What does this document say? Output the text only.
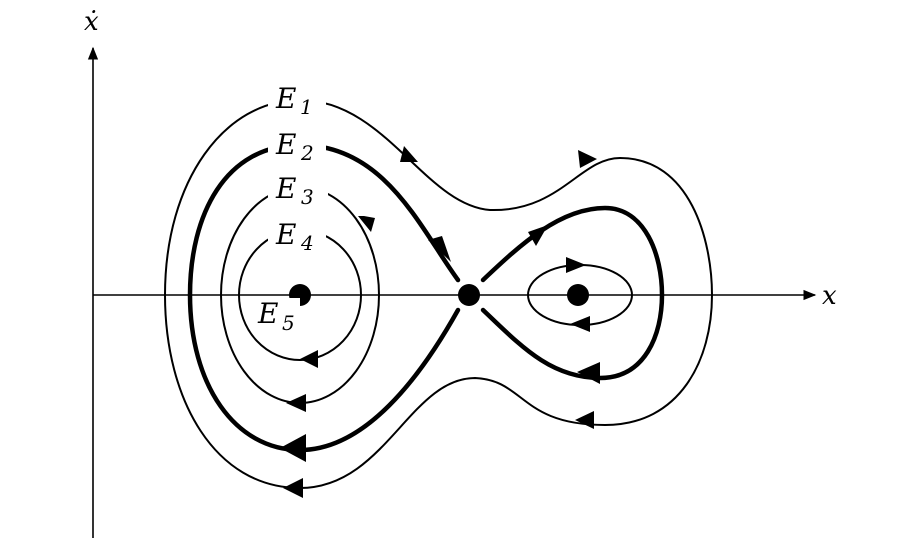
x
ẋ
E 1
E 2
E 3
E 4
E 5
